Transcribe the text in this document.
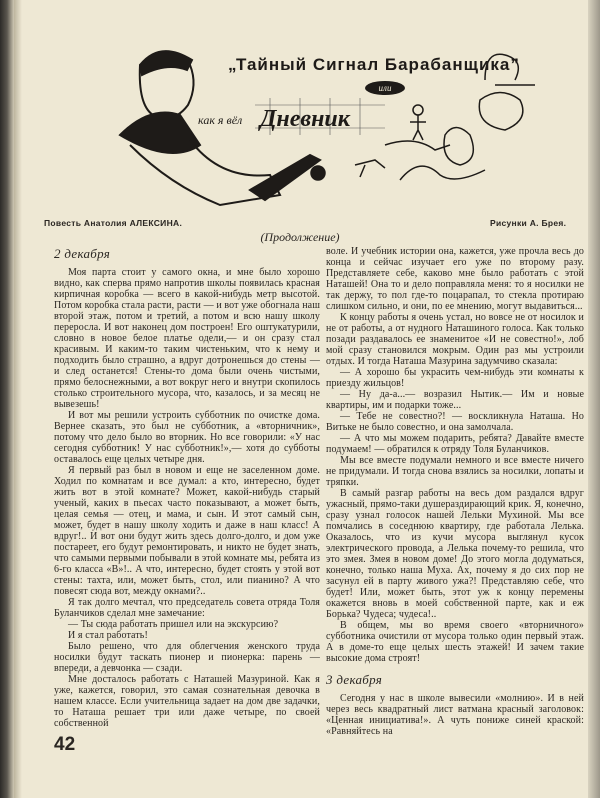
„Тайный Сигнал Барабанщика”
или
как я вёл Дневник
Повесть Анатолия АЛЕКСИНА.	Рисунки А. Брея.
(Продолжение)
2 декабря

Моя парта стоит у самого окна, и мне было хорошо видно, как сперва прямо напротив школы появилась красная кирпичная коробка — всего в какой-нибудь метр высотой. Потом коробка стала расти, расти — и вот уже обогнала наш второй этаж, потом и третий, а потом и всю нашу школу переросла. И вот наконец дом построен! Его оштукатурили, словно в новое белое платье одели,— и он сразу стал красивым. И каким-то таким чистеньким, что к нему и подходить было страшно, а вдруг дотронешься до стены — и след останется! Стены-то дома были очень чистыми, прямо белоснежными, а вот вокруг него и внутри скопилось столько строительного мусора, что, казалось, и за месяц не вывезешь!

И вот мы решили устроить субботник по очистке дома. Вернее сказать, это был не субботник, а «вторничник», потому что дело было во вторник. Но все говорили: «У нас сегодня субботник! У нас субботник!»,— хотя до субботы оставалось еще целых четыре дня.

Я первый раз был в новом и еще не заселенном доме. Ходил по комнатам и все думал: а кто, интересно, будет жить вот в этой комнате? Может, какой-нибудь старый ученый, каких в пьесах часто показывают, а может быть, целая семья — отец, и мама, и сын. И этот самый сын, может, будет в нашу школу ходить и даже в наш класс! А вдруг!.. И вот они будут жить здесь долго-долго, и дом уже постареет, его будут ремонтировать, и никто не будет знать, что самыми первыми побывали в этой комнате мы, ребята из 6-го класса «В»!.. А что, интересно, будет стоять у этой вот стены: тахта, или, может быть, стол, или пианино? А что повесят сюда вот, между окнами?..

Я так долго мечтал, что председатель совета отряда Толя Буланчиков сделал мне замечание:

— Ты сюда работать пришел или на экскурсию?

И я стал работать!

Было решено, что для облегчения женского труда носилки будут таскать пионер и пионерка: парень — впереди, а девчонка — сзади.

Мне досталось работать с Наташей Мазуриной. Как я уже, кажется, говорил, это самая сознательная девочка в нашем классе. Если учительница задает на дом две задачки, то Наташа решает три или даже четыре, по своей собственной

42

воле. И учебник истории она, кажется, уже прочла весь до конца и сейчас изучает его уже по второму разу. Представляете себе, каково мне было работать с этой Наташей! Она то и дело поправляла меня: то я носилки не так держу, то пол где-то поцарапал, то стекла протираю слишком сильно, и они, по ее мнению, могут выдавиться...

К концу работы я очень устал, но вовсе не от носилок и не от работы, а от нудного Наташиного голоса. Как только позади раздавалось ее знаменитое «И не совестно!», лоб мой сразу становился мокрым. Один раз мы устроили отдых. И тогда Наташа Мазурина задумчиво сказала:

— А хорошо бы украсить чем-нибудь эти комнаты к приезду жильцов!

— Ну да-а...— возразил Нытик.— Им и новые квартиры, им и подарки тоже...

— Тебе не совестно?! — воскликнула Наташа. Но Витьке не было совестно, и она замолчала.

— А что мы можем подарить, ребята? Давайте вместе подумаем! — обратился к отряду Толя Буланчиков.

Мы все вместе подумали немного и все вместе ничего не придумали. И тогда снова взялись за носилки, лопаты и тряпки.

В самый разгар работы на весь дом раздался вдруг ужасный, прямо-таки душераздирающий крик. Я, конечно, сразу узнал голосок нашей Лельки Мухиной. Мы все помчались в соседнюю квартиру, где работала Лелька. Оказалось, что из кучи мусора выглянул кусок электрического провода, а Лелька почему-то решила, что это змея. Змея в новом доме! До этого могла додуматься, конечно, только наша Муха. Ах, почему я до сих пор не засунул ей в парту живого ужа?! Представляю себе, что будет! Или, может быть, этот уж к концу перемены окажется вновь в моей собственной парте, как и еж Борька? Чудеса; чудеса!..

В общем, мы во время своего «вторничного» субботника очистили от мусора только один первый этаж. А в доме-то еще целых шесть этажей! И зачем такие высокие дома строят!

3 декабря

Сегодня у нас в школе вывесили «молнию». И в ней через весь квадратный лист ватмана красный заголовок: «Ценная инициатива!». А чуть пониже синей краской: «Равняйтесь на
